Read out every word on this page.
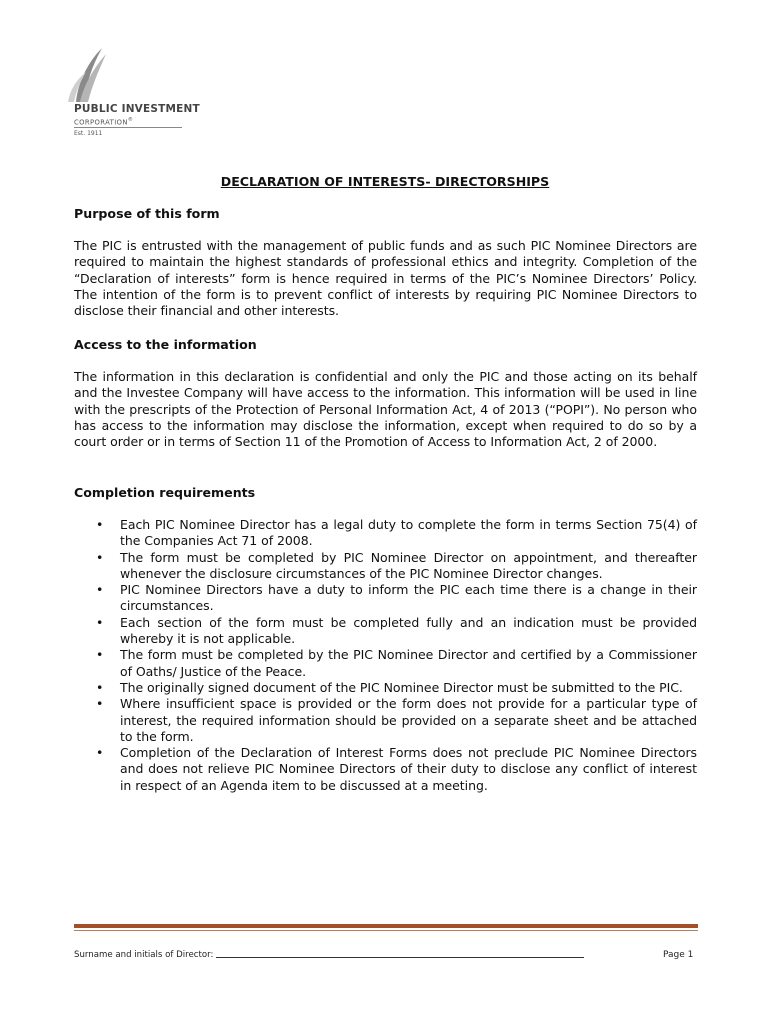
PUBLIC INVESTMENT
CORPORATION®
Est. 1911
DECLARATION OF INTERESTS- DIRECTORSHIPS
Purpose of this form
The PIC is entrusted with the management of public funds and as such PIC Nominee Directors are required to maintain the highest standards of professional ethics and integrity. Completion of the “Declaration of interests” form is hence required in terms of the PIC’s Nominee Directors’ Policy. The intention of the form is to prevent conflict of interests by requiring PIC Nominee Directors to disclose their financial and other interests.
Access to the information
The information in this declaration is confidential and only the PIC and those acting on its behalf and the Investee Company will have access to the information. This information will be used in line with the prescripts of the Protection of Personal Information Act, 4 of 2013 (“POPI”). No person who has access to the information may disclose the information, except when required to do so by a court order or in terms of Section 11 of the Promotion of Access to Information Act, 2 of 2000.
Completion requirements
• Each PIC Nominee Director has a legal duty to complete the form in terms Section 75(4) of the Companies Act 71 of 2008.
• The form must be completed by PIC Nominee Director on appointment, and thereafter whenever the disclosure circumstances of the PIC Nominee Director changes.
• PIC Nominee Directors have a duty to inform the PIC each time there is a change in their circumstances.
• Each section of the form must be completed fully and an indication must be provided whereby it is not applicable.
• The form must be completed by the PIC Nominee Director and certified by a Commissioner of Oaths/ Justice of the Peace.
• The originally signed document of the PIC Nominee Director must be submitted to the PIC.
• Where insufficient space is provided or the form does not provide for a particular type of interest, the required information should be provided on a separate sheet and be attached to the form.
• Completion of the Declaration of Interest Forms does not preclude PIC Nominee Directors and does not relieve PIC Nominee Directors of their duty to disclose any conflict of interest in respect of an Agenda item to be discussed at a meeting.
Surname and initials of Director:	Page 1
